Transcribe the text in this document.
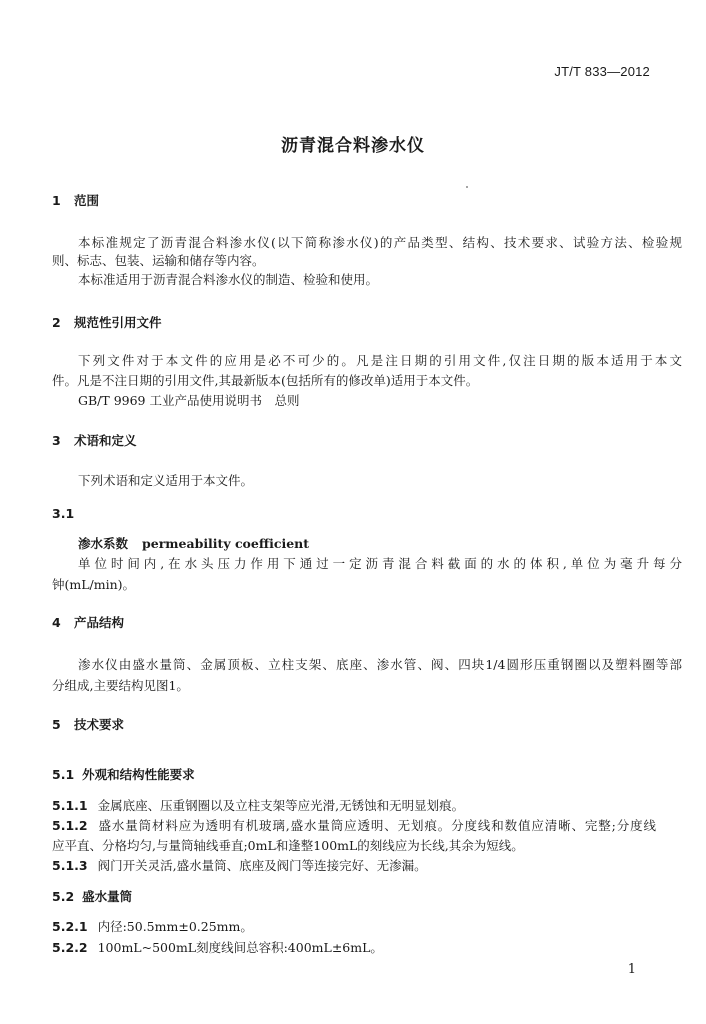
JT/T 833—2012
沥青混合料渗水仪
1 范围
本标准规定了沥青混合料渗水仪(以下简称渗水仪)的产品类型、结构、技术要求、试验方法、检验规
则、标志、包装、运输和储存等内容。
本标准适用于沥青混合料渗水仪的制造、检验和使用。
2 规范性引用文件
下列文件对于本文件的应用是必不可少的。凡是注日期的引用文件,仅注日期的版本适用于本文
件。凡是不注日期的引用文件,其最新版本(包括所有的修改单)适用于本文件。
GB/T 9969 工业产品使用说明书　总则
3 术语和定义
下列术语和定义适用于本文件。
3.1
渗水系数 permeability coefficient
单位时间内,在水头压力作用下通过一定沥青混合料截面的水的体积,单位为毫升每分
钟(mL/min)。
4 产品结构
渗水仪由盛水量筒、金属顶板、立柱支架、底座、渗水管、阀、四块1/4圆形压重钢圈以及塑料圈等部
分组成,主要结构见图1。
5 技术要求
5.1 外观和结构性能要求
5.1.1 金属底座、压重钢圈以及立柱支架等应光滑,无锈蚀和无明显划痕。
5.1.2 盛水量筒材料应为透明有机玻璃,盛水量筒应透明、无划痕。分度线和数值应清晰、完整;分度线
应平直、分格均匀,与量筒轴线垂直;0mL和逢整100mL的刻线应为长线,其余为短线。
5.1.3 阀门开关灵活,盛水量筒、底座及阀门等连接完好、无渗漏。
5.2 盛水量筒
5.2.1 内径:50.5mm±0.25mm。
5.2.2 100mL~500mL刻度线间总容积:400mL±6mL。
1
